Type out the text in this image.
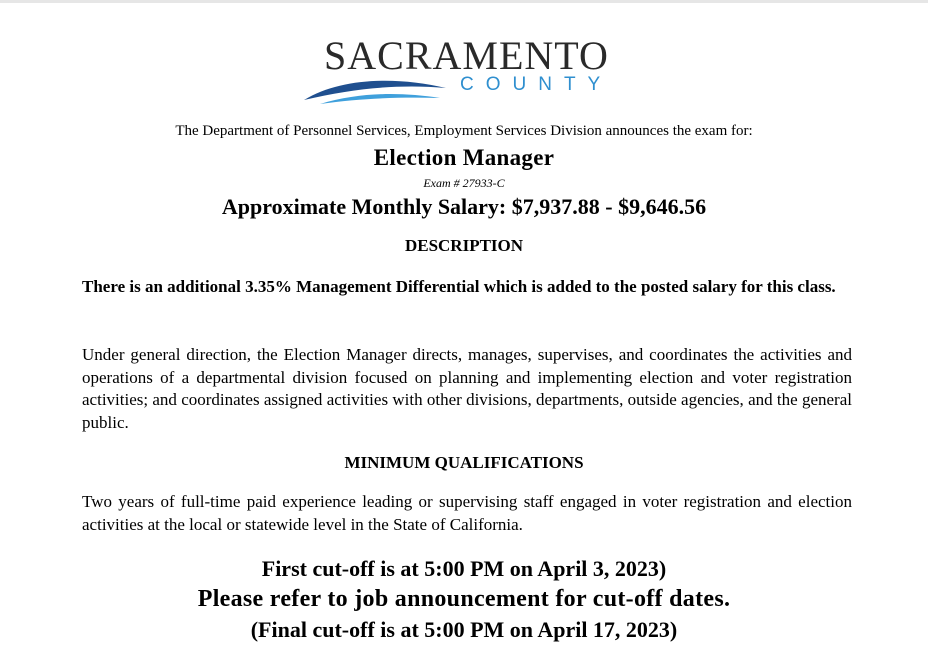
SACRAMENTO
COUNTY
The Department of Personnel Services, Employment Services Division announces the exam for:
Election Manager
Exam # 27933-C
Approximate Monthly Salary: $7,937.88 - $9,646.56
DESCRIPTION
There is an additional 3.35% Management Differential which is added to the posted salary for this class.
Under general direction, the Election Manager directs, manages, supervises, and coordinates the activities and operations of a departmental division focused on planning and implementing election and voter registration activities; and coordinates assigned activities with other divisions, departments, outside agencies, and the general public.
MINIMUM QUALIFICATIONS
Two years of full-time paid experience leading or supervising staff engaged in voter registration and election activities at the local or statewide level in the State of California.
First cut-off is at 5:00 PM on April 3, 2023)
Please refer to job announcement for cut-off dates.
(Final cut-off is at 5:00 PM on April 17, 2023)
